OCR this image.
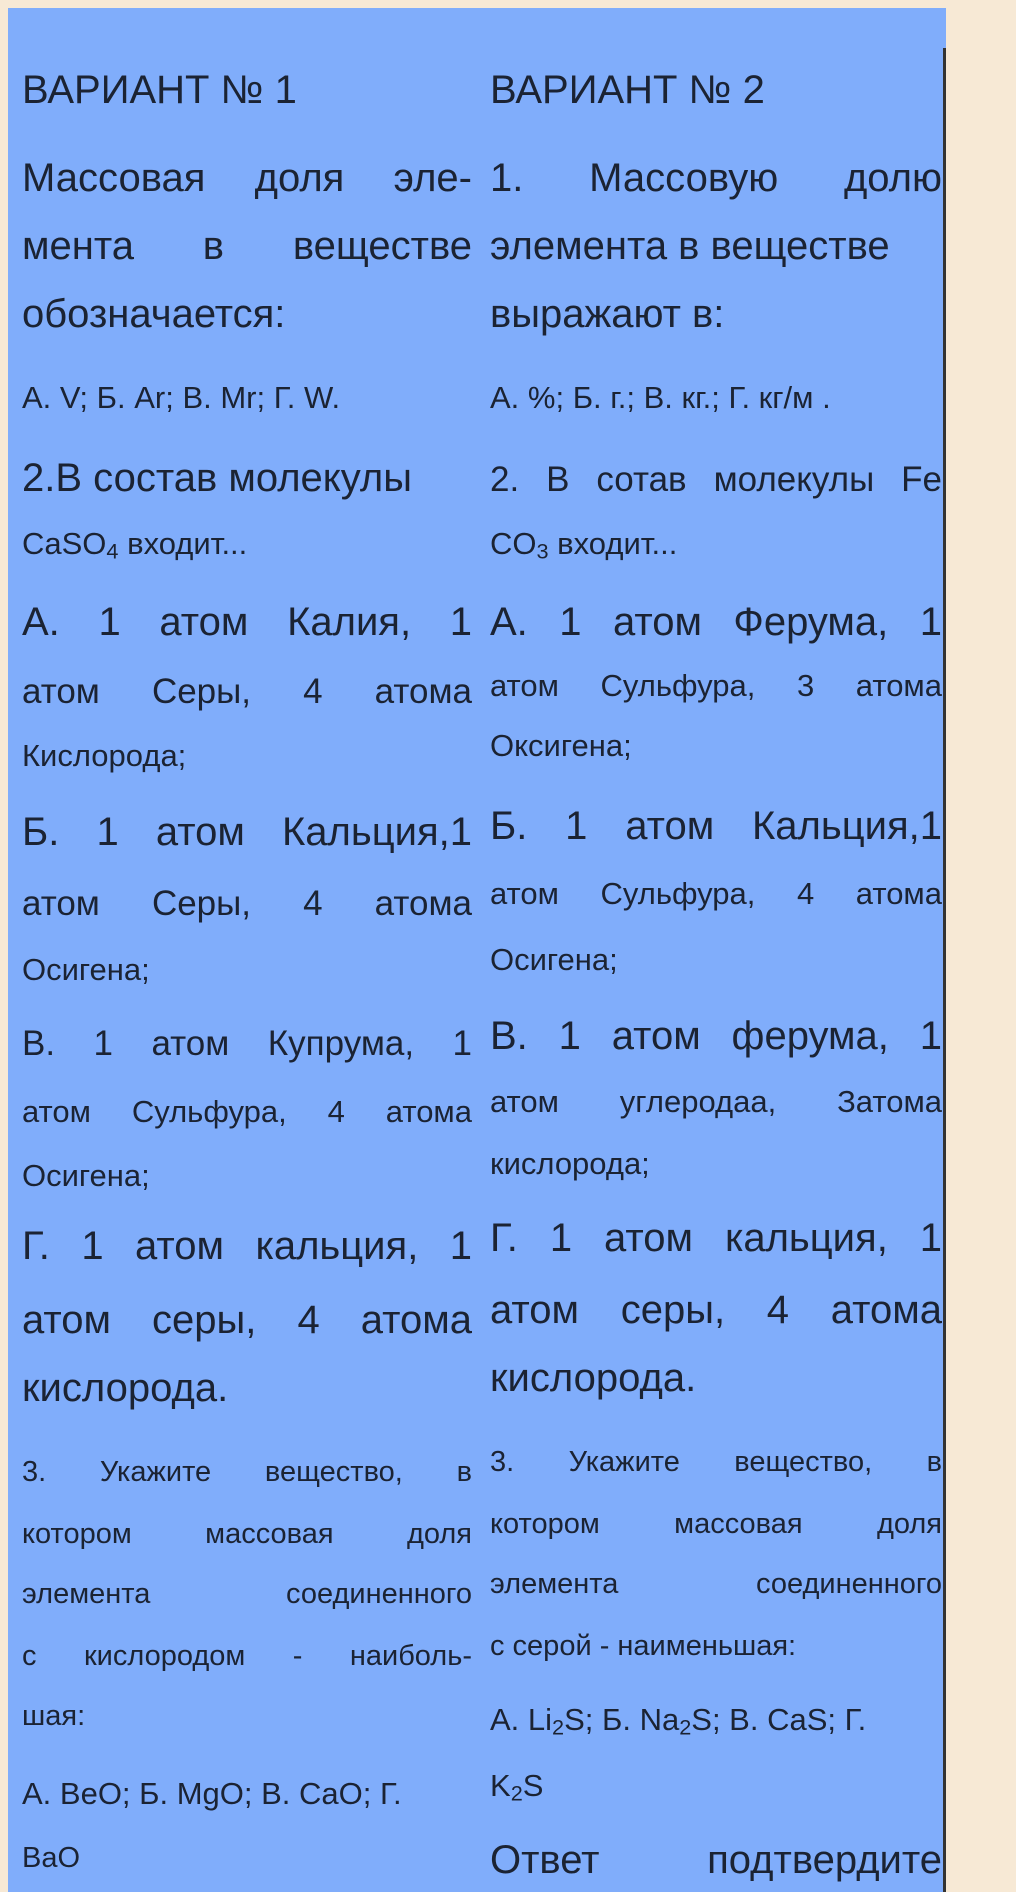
ВАРИАНТ № 1
Массовая доля эле-
мента в веществе
обозначается:
А. V; Б. Ar; В. Mr; Г. W.
2.В состав молекулы
CaSO$_4$ входит...
А. 1 атом Калия, 1
атом Серы, 4 атома
Кислорода;
Б. 1 атом Кальция,1
атом Серы, 4 атома
Осигена;
В. 1 атом Купрума, 1
атом Сульфура, 4 атома
Осигена;
Г. 1 атом кальция, 1
атом серы, 4 атома
кислорода.
3. Укажите вещество, в
котором массовая доля
элемента соединенного
с кислородом - наиболь-
шая:
А. BeO; Б. MgO; В. CaO; Г.
BaO
ВАРИАНТ № 2
1. Массовую долю
элемента в веществе
выражают в:
А. %; Б. г.; В. кг.; Г. кг/м .
2. В сотав молекулы Fe
$CO_3$ входит...
А. 1 атом Ферума, 1
атом Сульфура, 3 атома
Оксигена;
Б. 1 атом Кальция,1
атом Сульфура, 4 атома
Осигена;
В. 1 атом ферума, 1
атом углеродаа, Затома
кислорода;
Г. 1 атом кальция, 1
атом серы, 4 атома
кислорода.
3. Укажите вещество, в
котором массовая доля
элемента соединенного
с серой - наименьшая:
А. $Li_2S$; Б. $Na_2S$; В. CaS; Г.
$K_2S$
Ответ подтвердите
